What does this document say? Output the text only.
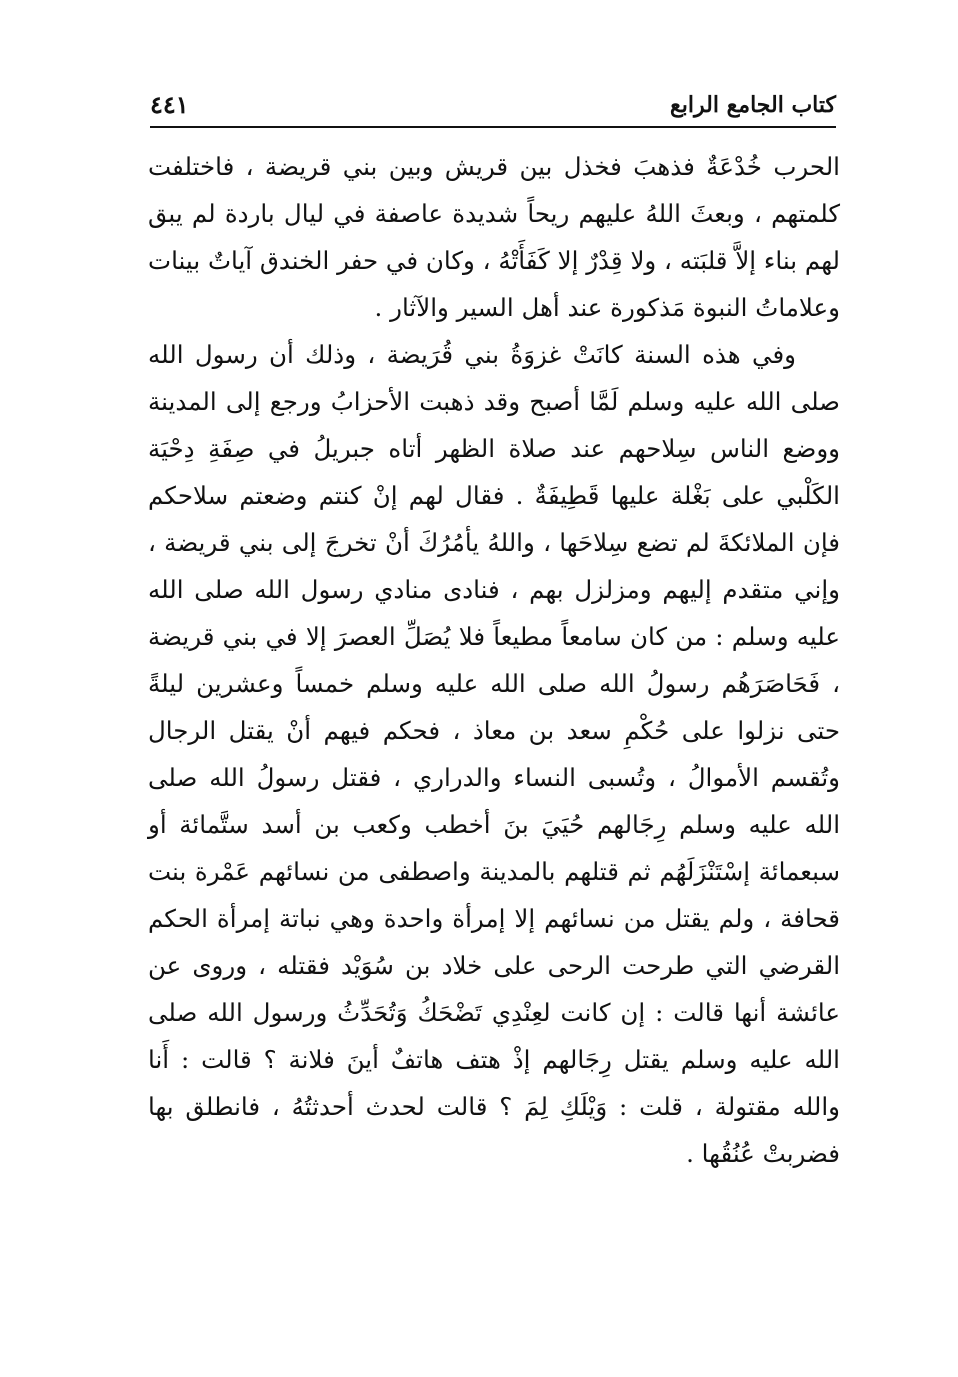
كتاب الجامع الرابع
٤٤١

الحرب خُدْعَةٌ فذهبَ فخذل بين قريش وبين بني قريضة ، فاختلفت كلمتهم ، وبعثَ اللهُ عليهم ريحاً شديدة عاصفة في ليال باردة لم يبق لهم بناء إلاَّ قلبَته ، ولا قِدْرٌ إلا كَفَأَتْهُ ، وكان في حفر الخندق آياتٌ بينات وعلاماتُ النبوة مَذكورة عند أهل السير والآثار .

وفي هذه السنة كانَتْ غزوَةُ بني قُرَيضة ، وذلك أن رسول الله صلى الله عليه وسلم لَمَّا أصبح وقد ذهبت الأحزابُ ورجع إلى المدينة ووضع الناس سِلاحهم عند صلاة الظهر أتاه جبريلُ في صِفَةِ دِحْيَة الكَلْبي على بَغْلة عليها قَطِيفَةٌ . فقال لهم إنْ كنتم وضعتم سلاحكم فإن الملائكةَ لم تضع سِلاحَها ، واللهُ يأمُرُكَ أنْ تخرجَ إلى بني قريضة ، وإني متقدم إليهم ومزلزل بهم ، فنادى منادي رسول الله صلى الله عليه وسلم : من كان سامعاً مطيعاً فلا يُصَلِّ العصرَ إلا في بني قريضة ، فَحَاصَرَهُم رسولُ الله صلى الله عليه وسلم خمساً وعشرين ليلةً حتى نزلوا على حُكْمِ سعد بن معاذ ، فحكم فيهم أنْ يقتل الرجال وتُقسم الأموالُ ، وتُسبى النساء والدراري ، فقتل رسولُ الله صلى الله عليه وسلم رِجَالهم حُيَيَ بنَ أخطب وكعب بن أسد ستَّمائة أو سبعمائة إسْتَنْزَلَهُم ثم قتلهم بالمدينة واصطفى من نسائهم عَمْرة بنت قحافة ، ولم يقتل من نسائهم إلا إمرأة واحدة وهي نباتة إمرأة الحكم القرضي التي طرحت الرحى على خلاد بن سُوَيْد فقتله ، وروى عن عائشة أنها قالت : إن كانت لعِنْدِي تَضْحَكُ وَتُحَدِّثُ ورسول الله صلى الله عليه وسلم يقتل رِجَالهم إذْ هتف هاتفٌ أينَ فلانة ؟ قالت : أَنا والله مقتولة ، قلت : وَيْلَكِ لِمَ ؟ قالت لحدث أحدثتُهُ ، فانطلق بها فضربتْ عُنُقُها .
